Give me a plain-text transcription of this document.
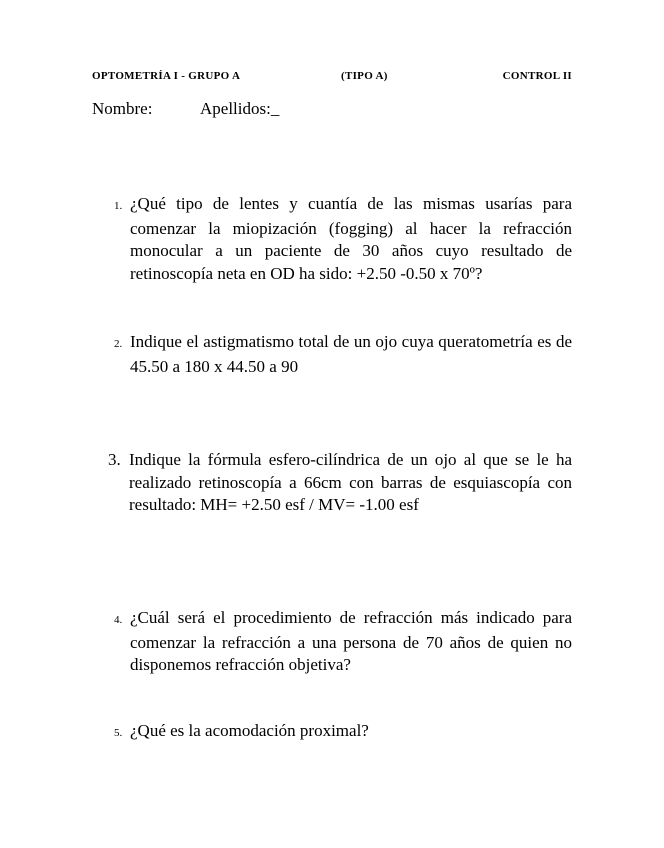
OPTOMETRÍA I - GRUPO A	(TIPO A)	CONTROL II
Nombre:	Apellidos:_
1. ¿Qué tipo de lentes y cuantía de las mismas usarías para comenzar la miopización (fogging) al hacer la refracción monocular a un paciente de 30 años cuyo resultado de retinoscopía neta en OD ha sido: +2.50 -0.50 x 70º?
2. Indique el astigmatismo total de un ojo cuya queratometría es de 45.50 a 180 x 44.50 a 90
3. Indique la fórmula esfero-cilíndrica de un ojo al que se le ha realizado retinoscopía a 66cm con barras de esquiascopía con resultado: MH= +2.50 esf / MV= -1.00 esf
4. ¿Cuál será el procedimiento de refracción más indicado para comenzar la refracción a una persona de 70 años de quien no disponemos refracción objetiva?
5. ¿Qué es la acomodación proximal?
